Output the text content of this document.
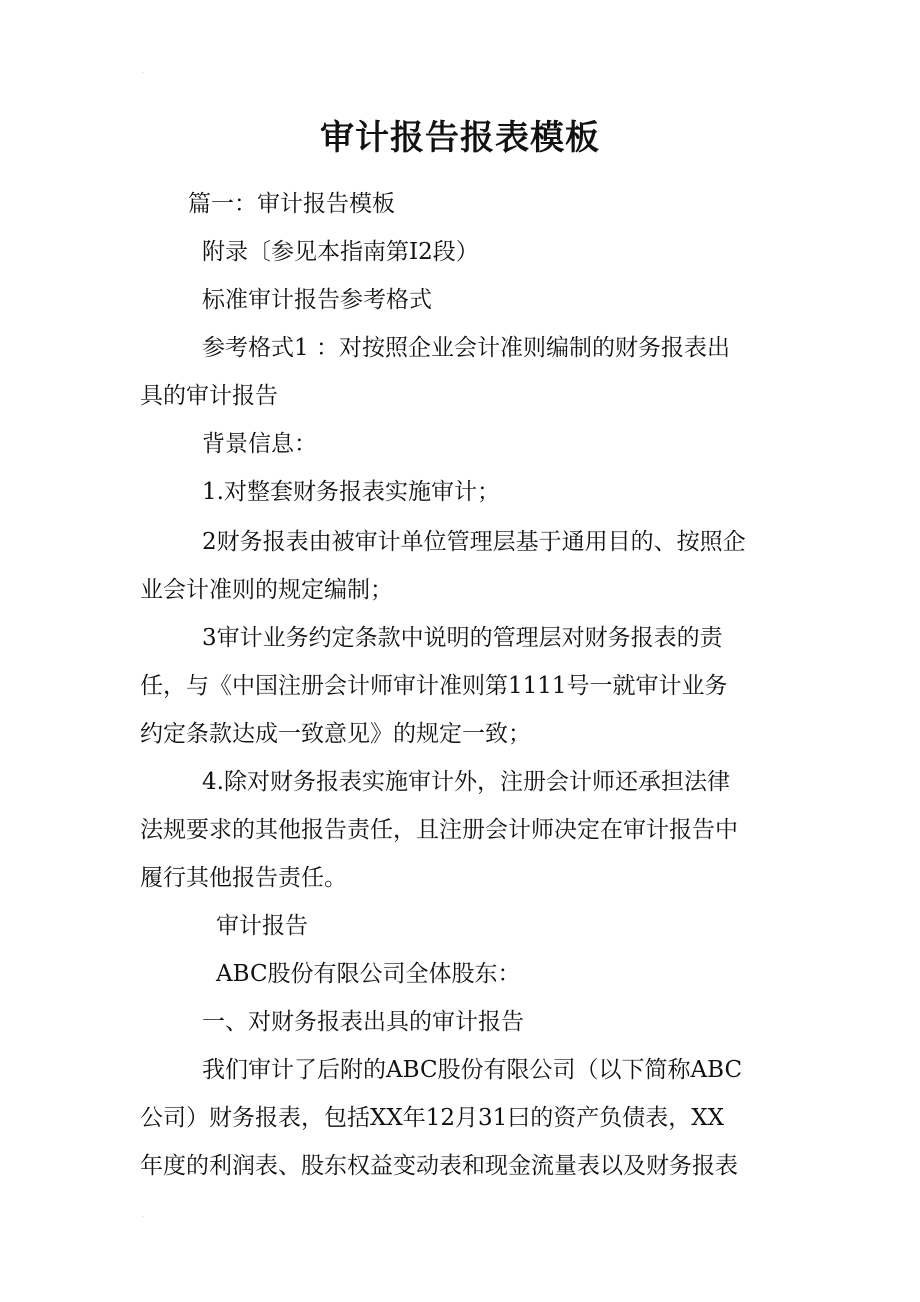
.
审计报告报表模板
篇一：审计报告模板
附录〔参见本指南第I2段）
标准审计报告参考格式
参考格式1 ：对按照企业会计准则编制的财务报表出
具的审计报告
背景信息：
1.对整套财务报表实施审计；
2财务报表由被审计单位管理层基于通用目的、按照企
业会计准则的规定编制；
3审计业务约定条款中说明的管理层对财务报表的责
任，与《中国注册会计师审计准则第1111号一就审计业务
约定条款达成一致意见》的规定一致；
4.除对财务报表实施审计外，注册会计师还承担法律
法规要求的其他报告责任，且注册会计师决定在审计报告中
履行其他报告责任。
审计报告
ABC股份有限公司全体股东：
一、对财务报表出具的审计报告
我们审计了后附的ABC股份有限公司（以下简称ABC
公司）财务报表，包括XX年12月31曰的资产负债表，XX
年度的利润表、股东权益变动表和现金流量表以及财务报表
.
